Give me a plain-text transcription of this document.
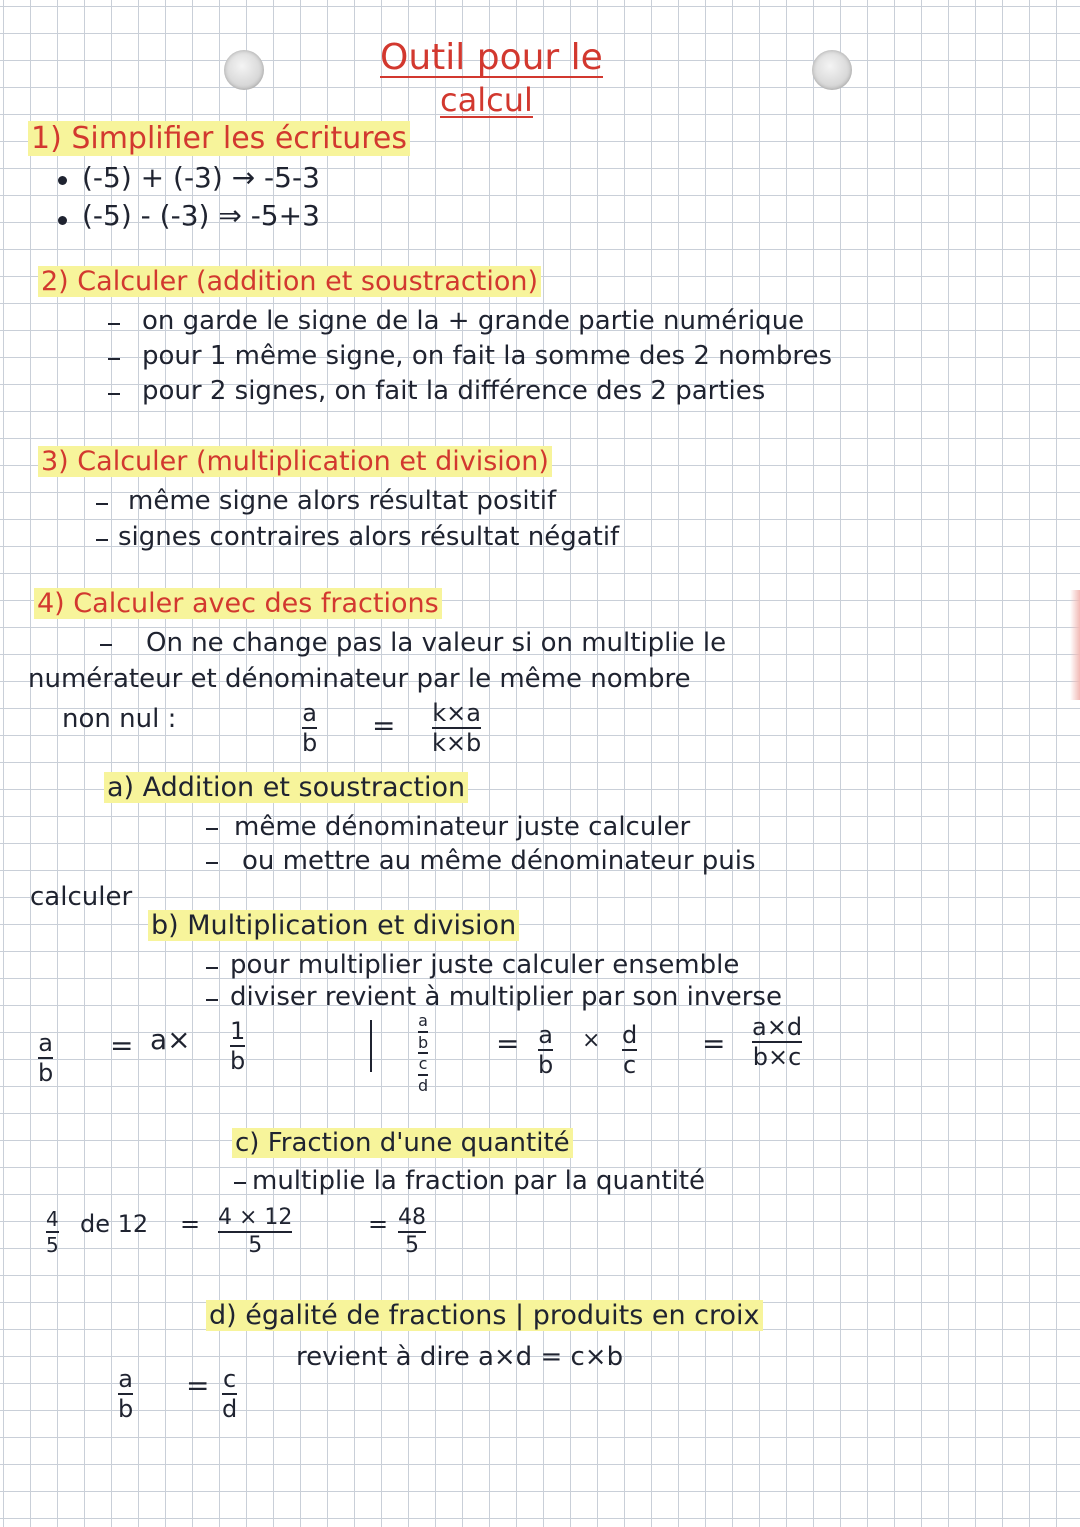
Outil pour le
calcul
1) Simplifier les écritures
(-5) + (-3) → -5-3
(-5) - (-3) ⇒ -5+3
2) Calculer (addition et soustraction)
on garde le signe de la + grande partie numérique
pour 1 même signe, on fait la somme des 2 nombres
pour 2 signes, on fait la différence des 2 parties
3) Calculer (multiplication et division)
même signe alors résultat positif
signes contraires alors résultat négatif
4) Calculer avec des fractions
On ne change pas la valeur si on multiplie le
numérateur et dénominateur par le même nombre
non nul :	a
b
= k×a
k×b
a) Addition et soustraction
même dénominateur juste calculer
ou mettre au même dénominateur puis
calculer
b) Multiplication et division
pour multiplier juste calculer ensemble
diviser revient à multiplier par son inverse
a
b
= a× 1
b
a
b
c
d
= a
b
× d
c
= a×d
b×c
c) Fraction d'une quantité
multiplie la fraction par la quantité
4
5
de 12 = 4 × 12
5
= 48
5
d) égalité de fractions | produits en croix
revient à dire a×d = c×b
a
b
= c
d
